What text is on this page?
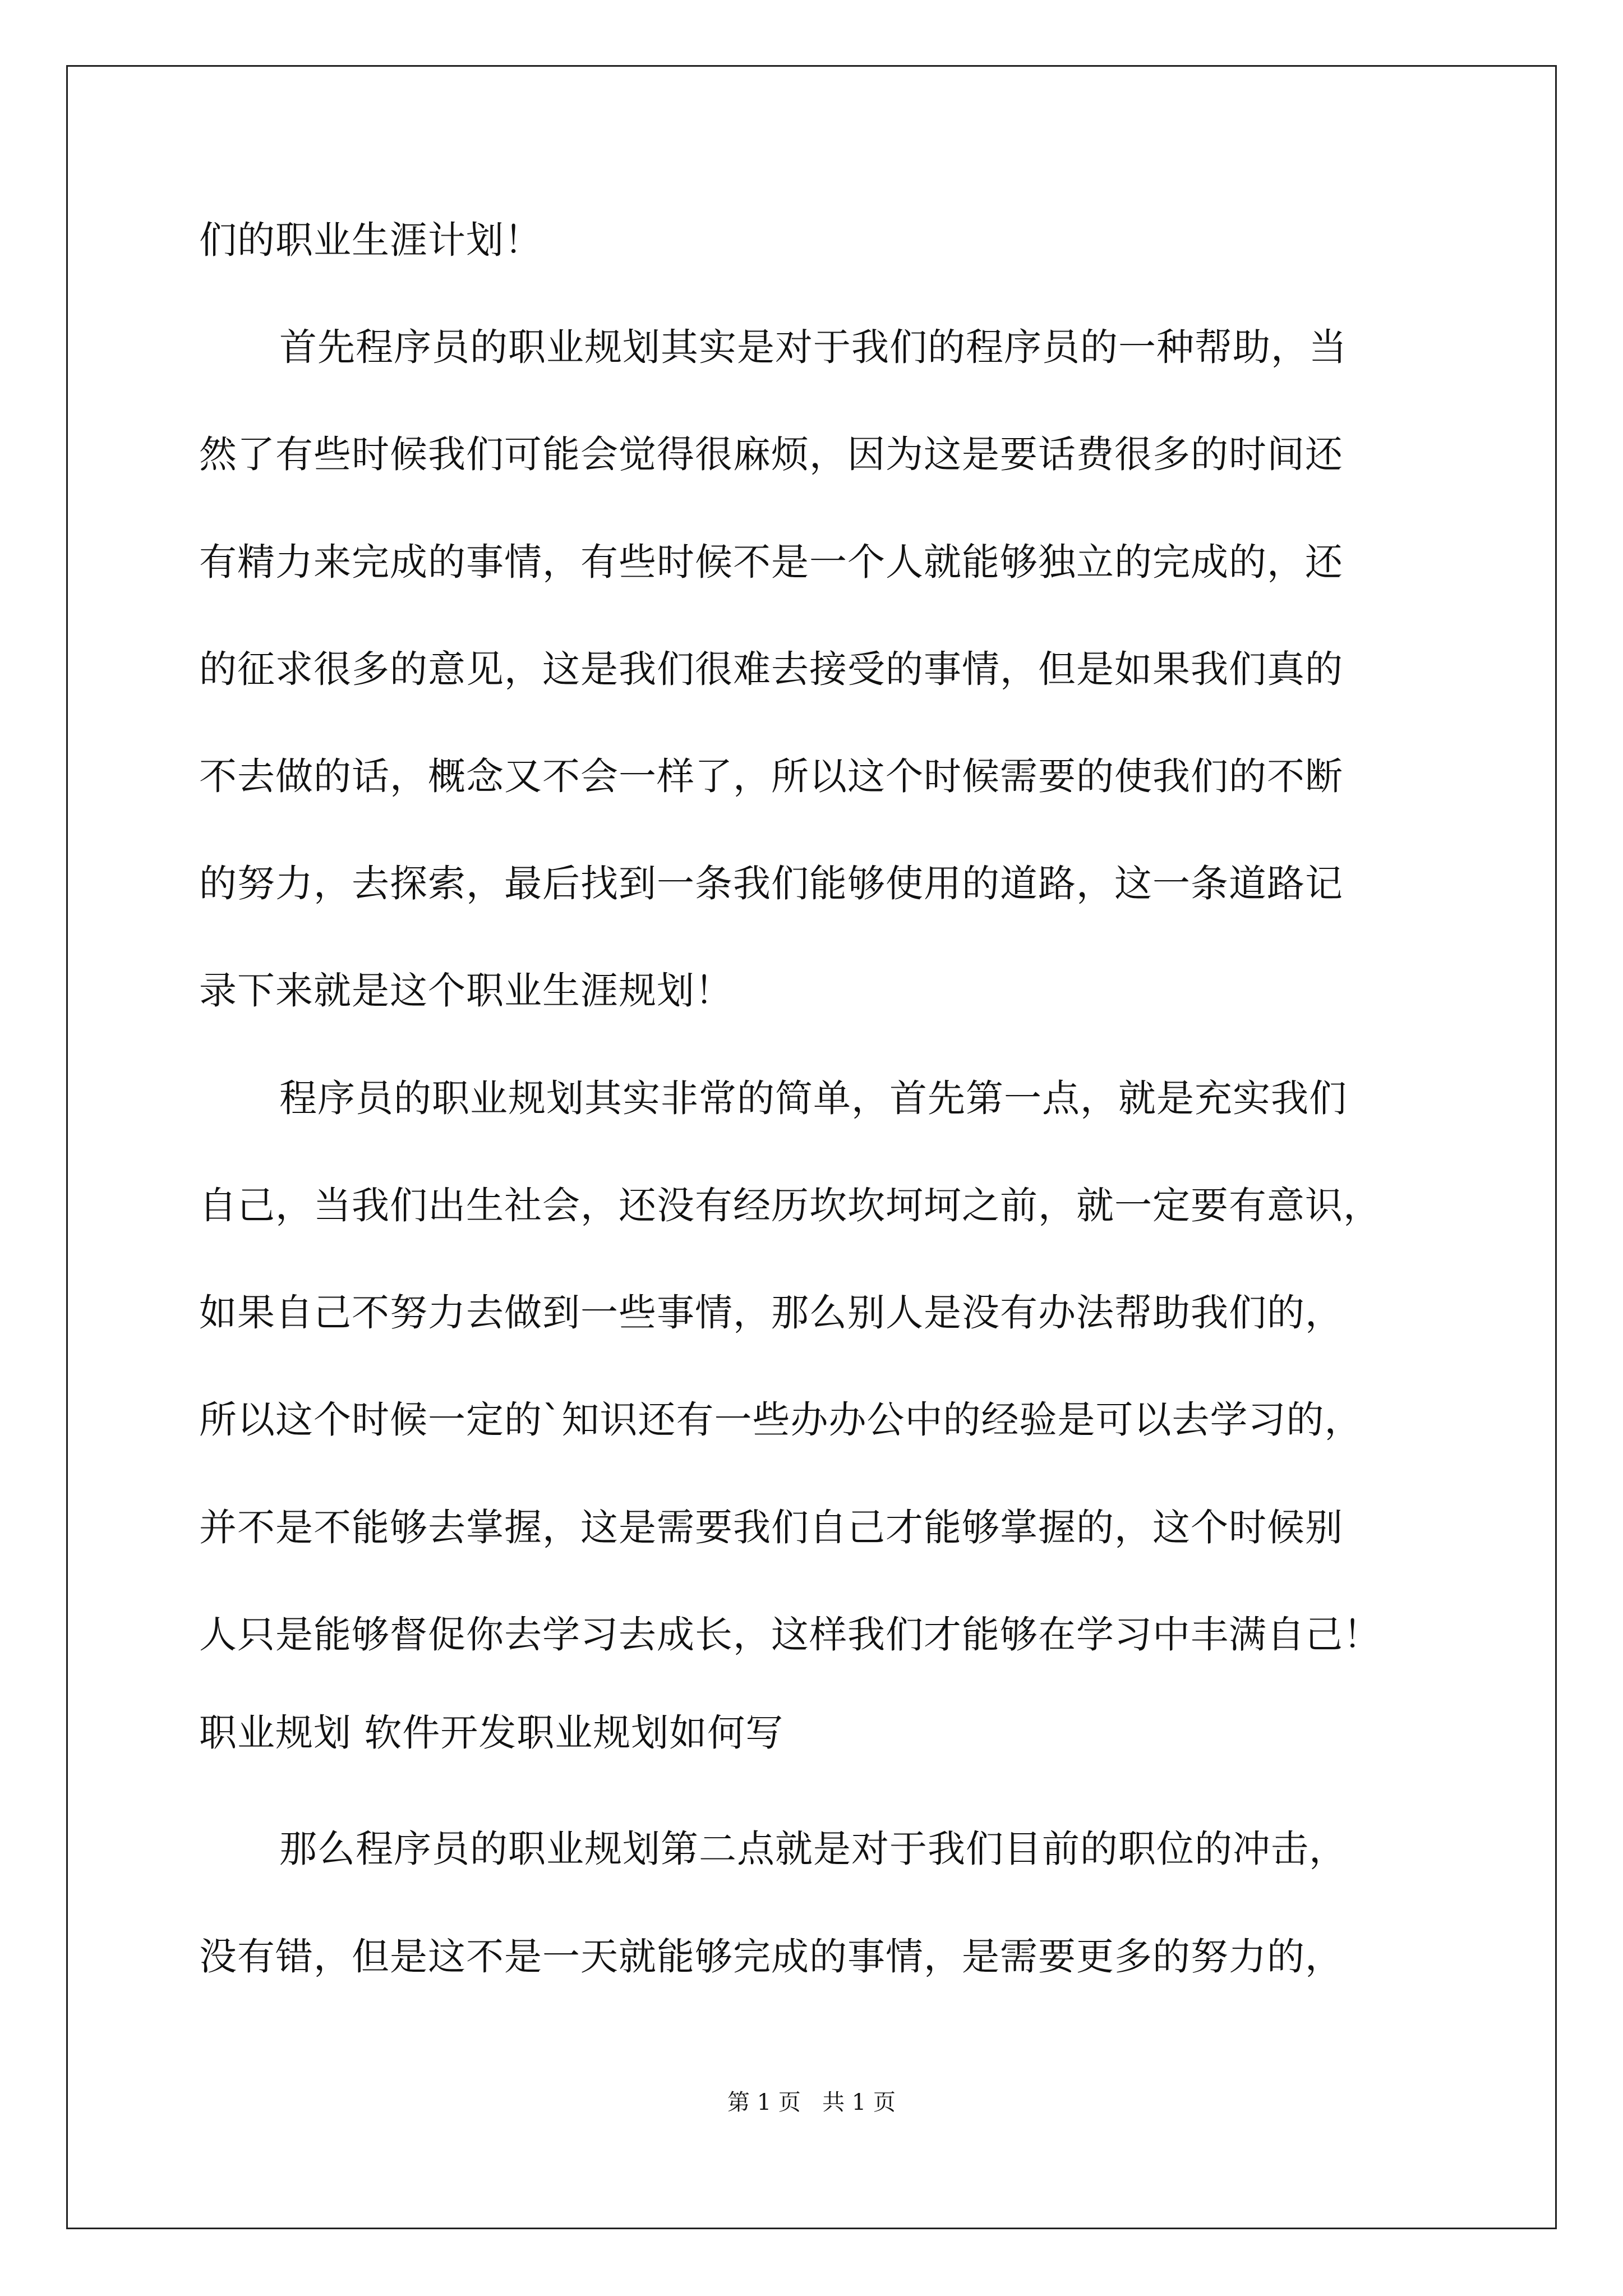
们的职业生涯计划！
首先程序员的职业规划其实是对于我们的程序员的一种帮助，当
然了有些时候我们可能会觉得很麻烦，因为这是要话费很多的时间还
有精力来完成的事情，有些时候不是一个人就能够独立的完成的，还
的征求很多的意见，这是我们很难去接受的事情，但是如果我们真的
不去做的话，概念又不会一样了，所以这个时候需要的使我们的不断
的努力，去探索，最后找到一条我们能够使用的道路，这一条道路记
录下来就是这个职业生涯规划！
程序员的职业规划其实非常的简单，首先第一点，就是充实我们
自己，当我们出生社会，还没有经历坎坎坷坷之前，就一定要有意识，
如果自己不努力去做到一些事情，那么别人是没有办法帮助我们的，
所以这个时候一定的`知识还有一些办办公中的经验是可以去学习的，
并不是不能够去掌握，这是需要我们自己才能够掌握的，这个时候别
人只是能够督促你去学习去成长，这样我们才能够在学习中丰满自己！
职业规划 软件开发职业规划如何写
那么程序员的职业规划第二点就是对于我们目前的职位的冲击，
没有错，但是这不是一天就能够完成的事情，是需要更多的努力的，
第 1 页   共 1 页
